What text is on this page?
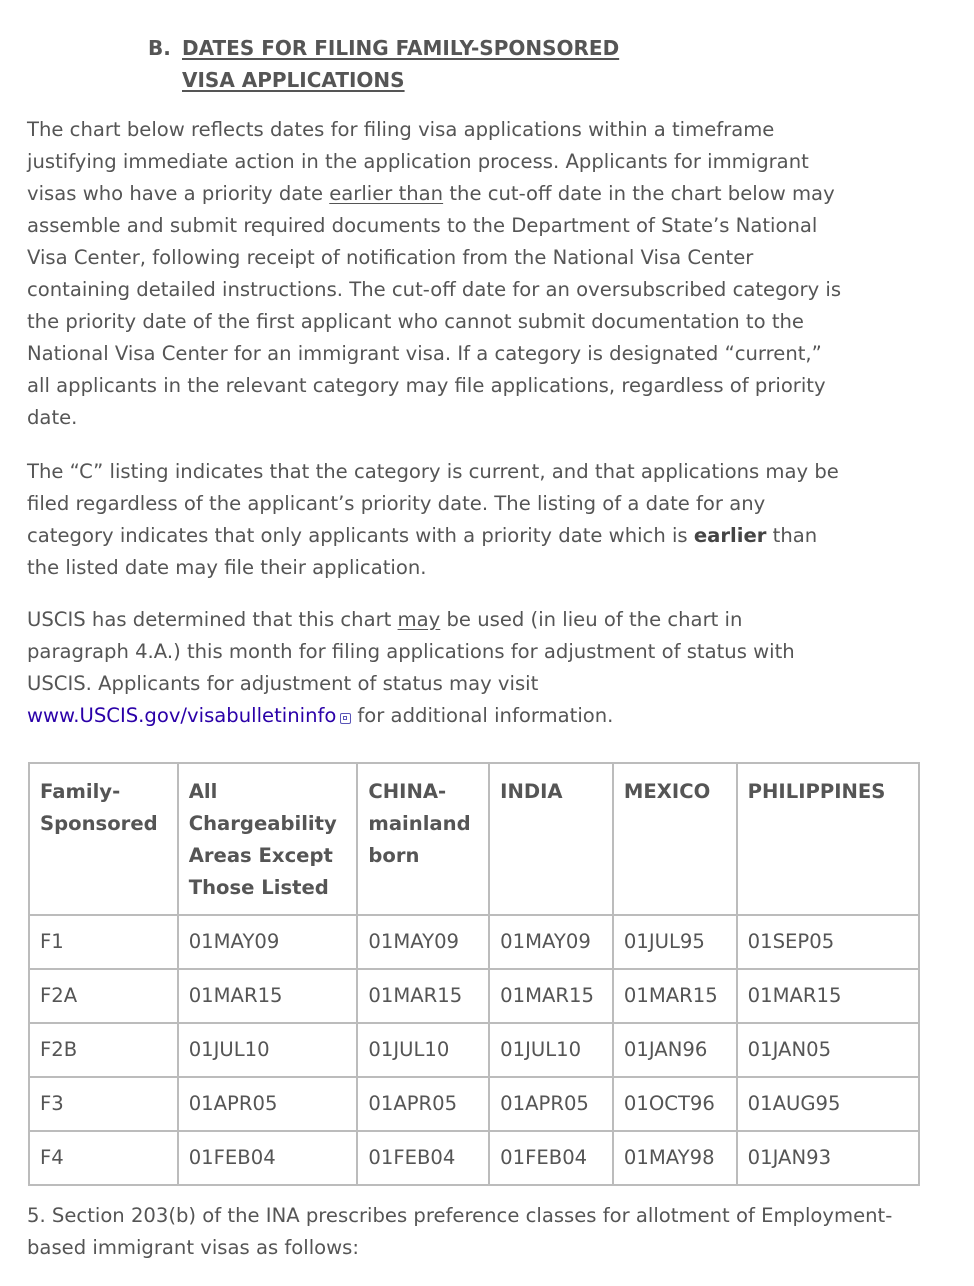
B. DATES FOR FILING FAMILY-SPONSORED
VISA APPLICATIONS

The chart below reflects dates for filing visa applications within a timeframe justifying immediate action in the application process. Applicants for immigrant visas who have a priority date earlier than the cut-off date in the chart below may assemble and submit required documents to the Department of State’s National Visa Center, following receipt of notification from the National Visa Center containing detailed instructions. The cut-off date for an oversubscribed category is the priority date of the first applicant who cannot submit documentation to the National Visa Center for an immigrant visa. If a category is designated “current,” all applicants in the relevant category may file applications, regardless of priority date.

The “C” listing indicates that the category is current, and that applications may be filed regardless of the applicant’s priority date. The listing of a date for any category indicates that only applicants with a priority date which is earlier than the listed date may file their application.

USCIS has determined that this chart may be used (in lieu of the chart in paragraph 4.A.) this month for filing applications for adjustment of status with USCIS. Applicants for adjustment of status may visit www.USCIS.gov/visabulletininfo for additional information.

Family-
Sponsored	All
Chargeability
Areas Except
Those Listed	CHINA-
mainland
born	INDIA	MEXICO	PHILIPPINES
F1	01MAY09	01MAY09	01MAY09	01JUL95	01SEP05
F2A	01MAR15	01MAR15	01MAR15	01MAR15	01MAR15
F2B	01JUL10	01JUL10	01JUL10	01JAN96	01JAN05
F3	01APR05	01APR05	01APR05	01OCT96	01AUG95
F4	01FEB04	01FEB04	01FEB04	01MAY98	01JAN93

5. Section 203(b) of the INA prescribes preference classes for allotment of Employment-based immigrant visas as follows:
